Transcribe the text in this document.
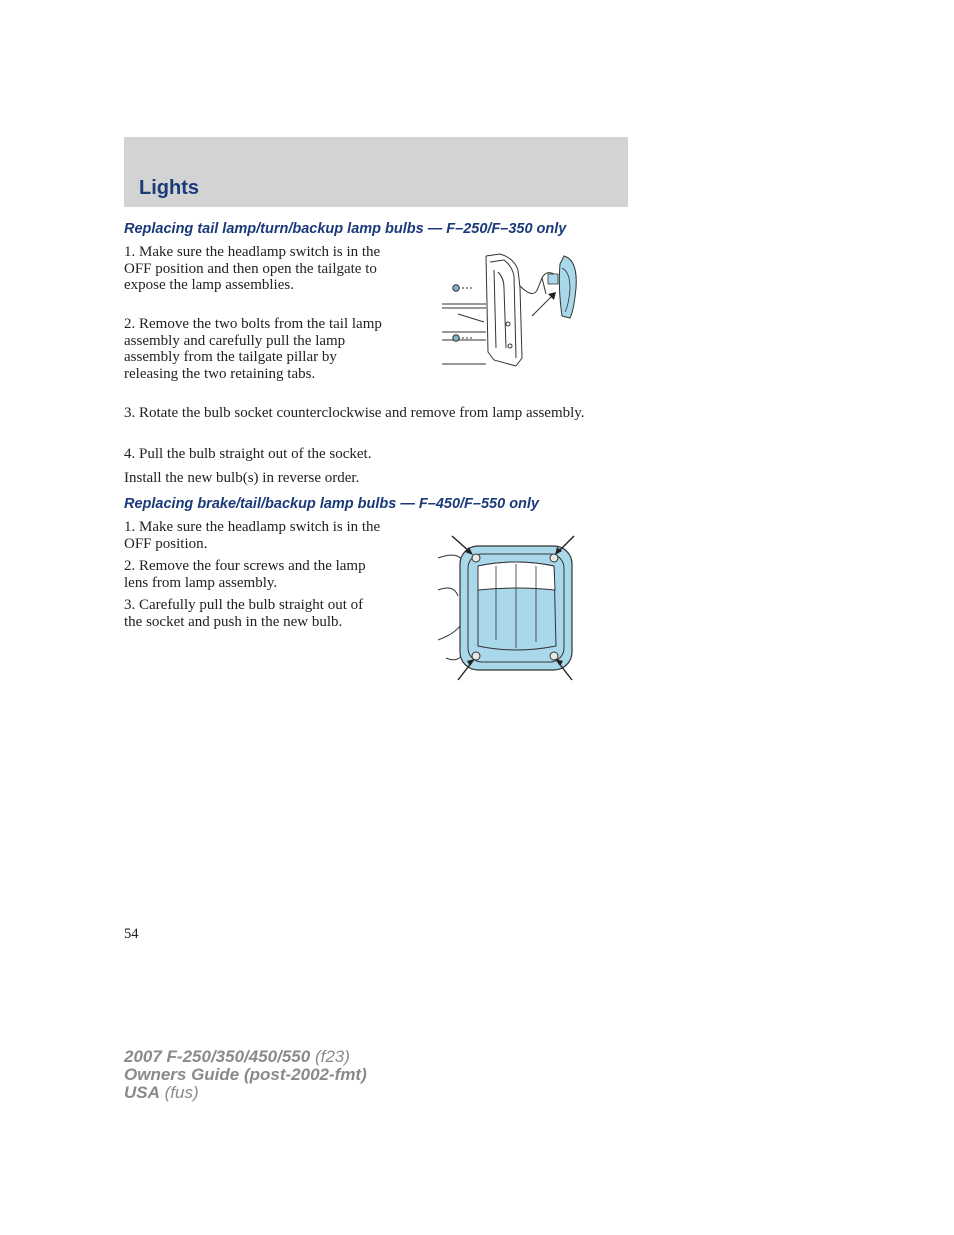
Lights
Replacing tail lamp/turn/backup lamp bulbs — F–250/F–350 only

1. Make sure the headlamp switch is in the OFF position and then open the tailgate to expose the lamp assemblies.

2. Remove the two bolts from the tail lamp assembly and carefully pull the lamp assembly from the tailgate pillar by releasing the two retaining tabs.

3. Rotate the bulb socket counterclockwise and remove from lamp assembly.

4. Pull the bulb straight out of the socket.

Install the new bulb(s) in reverse order.

Replacing brake/tail/backup lamp bulbs — F–450/F–550 only

1. Make sure the headlamp switch is in the OFF position.

2. Remove the four screws and the lamp lens from lamp assembly.

3. Carefully pull the bulb straight out of the socket and push in the new bulb.

54
2007 F-250/350/450/550 (f23)
Owners Guide (post-2002-fmt)
USA (fus)
